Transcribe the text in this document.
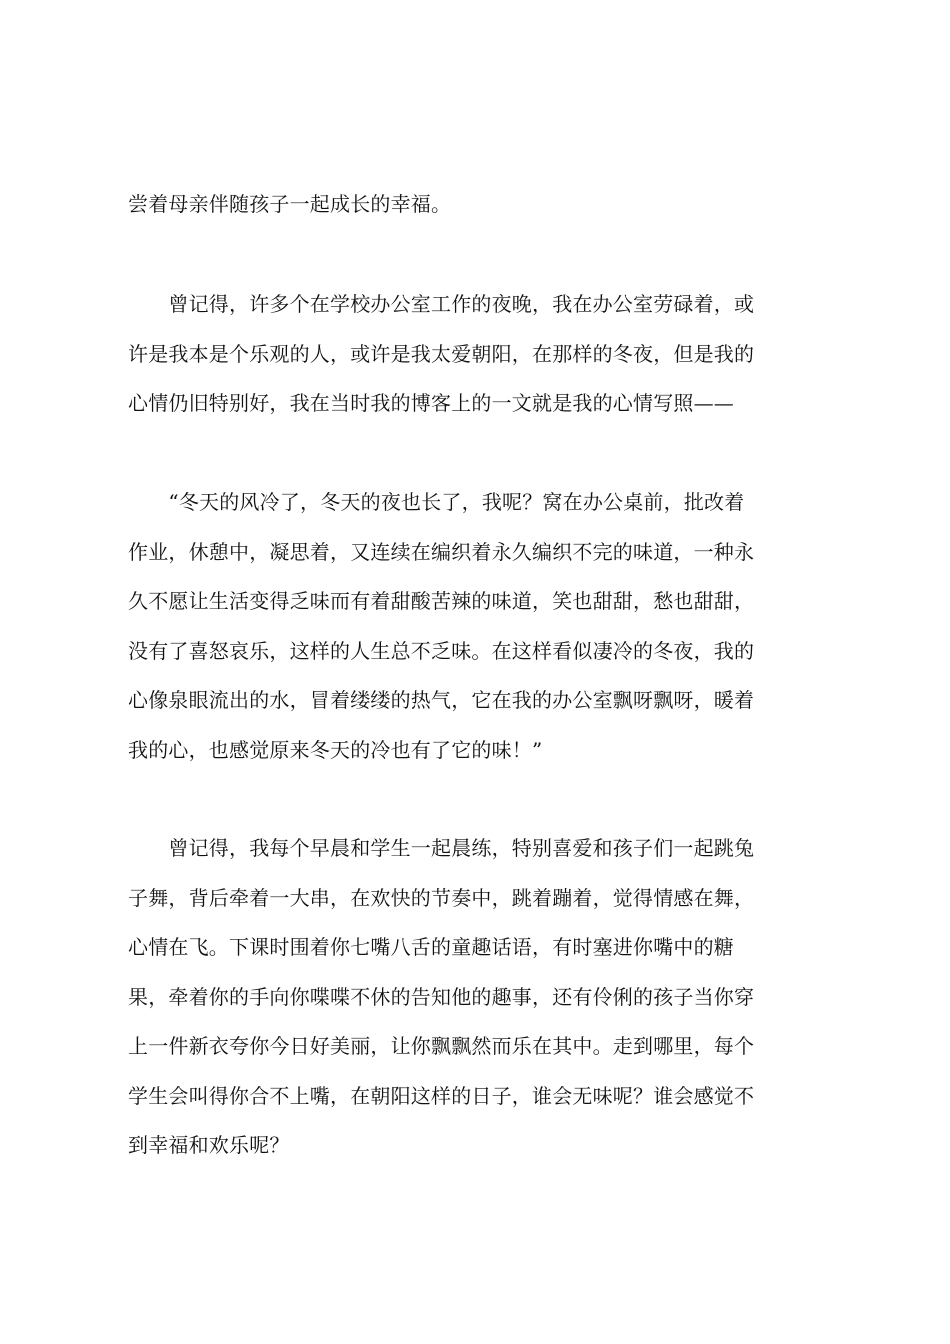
尝着母亲伴随孩子一起成长的幸福。

　　曾记得，许多个在学校办公室工作的夜晚，我在办公室劳碌着，或
许是我本是个乐观的人，或许是我太爱朝阳，在那样的冬夜，但是我的
心情仍旧特别好，我在当时我的博客上的一文就是我的心情写照——

　　“冬天的风冷了，冬天的夜也长了，我呢？窝在办公桌前，批改着
作业，休憩中，凝思着，又连续在编织着永久编织不完的味道，一种永
久不愿让生活变得乏味而有着甜酸苦辣的味道，笑也甜甜，愁也甜甜，
没有了喜怒哀乐，这样的人生总不乏味。在这样看似凄冷的冬夜，我的
心像泉眼流出的水，冒着缕缕的热气，它在我的办公室飘呀飘呀，暖着
我的心，也感觉原来冬天的冷也有了它的味！”

　　曾记得，我每个早晨和学生一起晨练，特别喜爱和孩子们一起跳兔
子舞，背后牵着一大串，在欢快的节奏中，跳着蹦着，觉得情感在舞，
心情在飞。下课时围着你七嘴八舌的童趣话语，有时塞进你嘴中的糖
果，牵着你的手向你喋喋不休的告知他的趣事，还有伶俐的孩子当你穿
上一件新衣夸你今日好美丽，让你飘飘然而乐在其中。走到哪里，每个
学生会叫得你合不上嘴，在朝阳这样的日子，谁会无味呢？谁会感觉不
到幸福和欢乐呢？
